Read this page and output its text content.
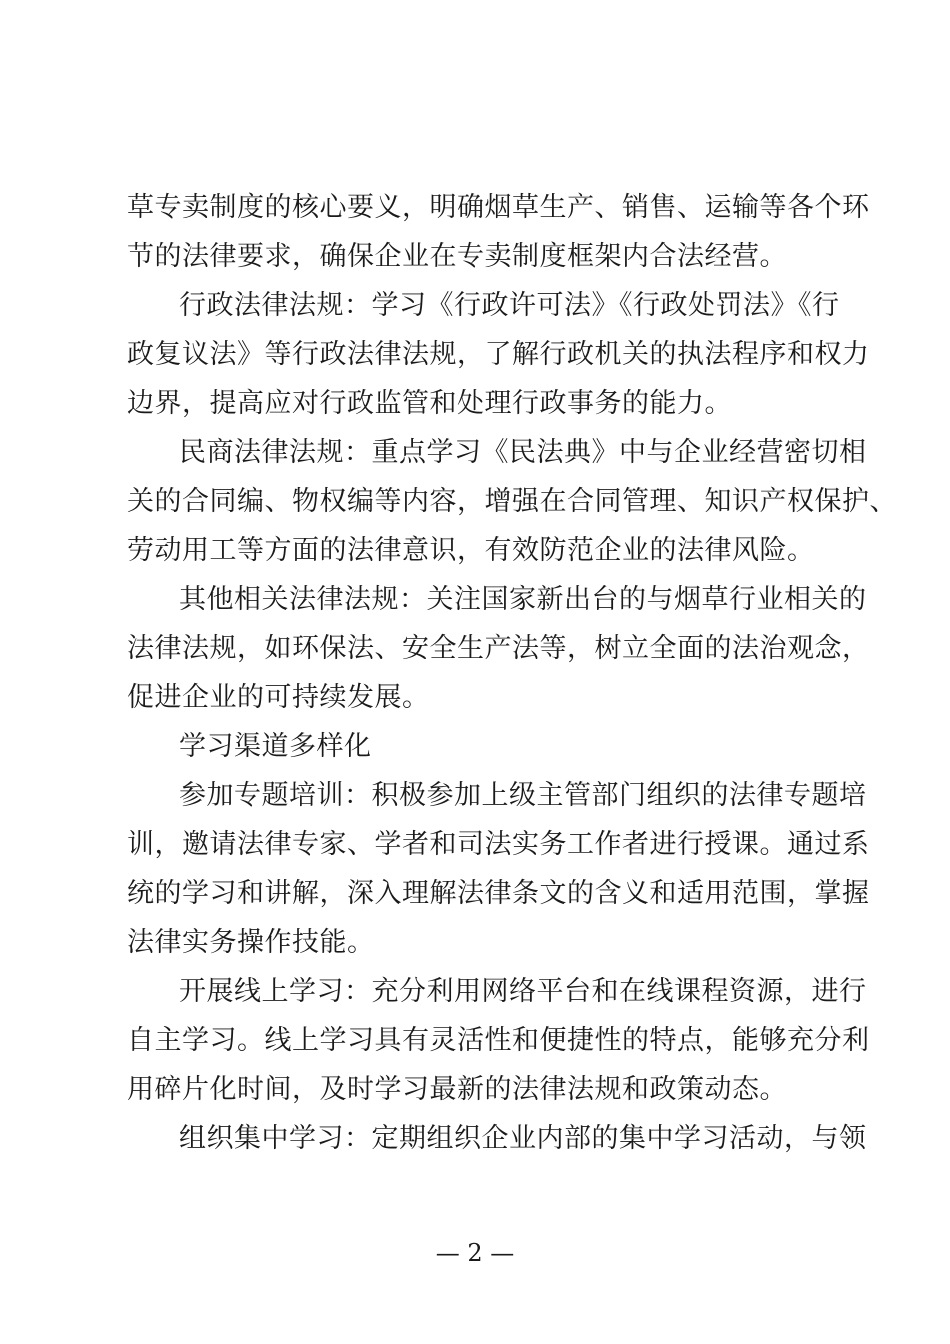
草专卖制度的核心要义，明确烟草生产、销售、运输等各个环
节的法律要求，确保企业在专卖制度框架内合法经营。

行政法律法规：学习《行政许可法》《行政处罚法》《行
政复议法》等行政法律法规，了解行政机关的执法程序和权力
边界，提高应对行政监管和处理行政事务的能力。

民商法律法规：重点学习《民法典》中与企业经营密切相
关的合同编、物权编等内容，增强在合同管理、知识产权保护、
劳动用工等方面的法律意识，有效防范企业的法律风险。

其他相关法律法规：关注国家新出台的与烟草行业相关的
法律法规，如环保法、安全生产法等，树立全面的法治观念，
促进企业的可持续发展。

学习渠道多样化

参加专题培训：积极参加上级主管部门组织的法律专题培
训，邀请法律专家、学者和司法实务工作者进行授课。通过系
统的学习和讲解，深入理解法律条文的含义和适用范围，掌握
法律实务操作技能。

开展线上学习：充分利用网络平台和在线课程资源，进行
自主学习。线上学习具有灵活性和便捷性的特点，能够充分利
用碎片化时间，及时学习最新的法律法规和政策动态。

组织集中学习：定期组织企业内部的集中学习活动，与领

— 2 —
